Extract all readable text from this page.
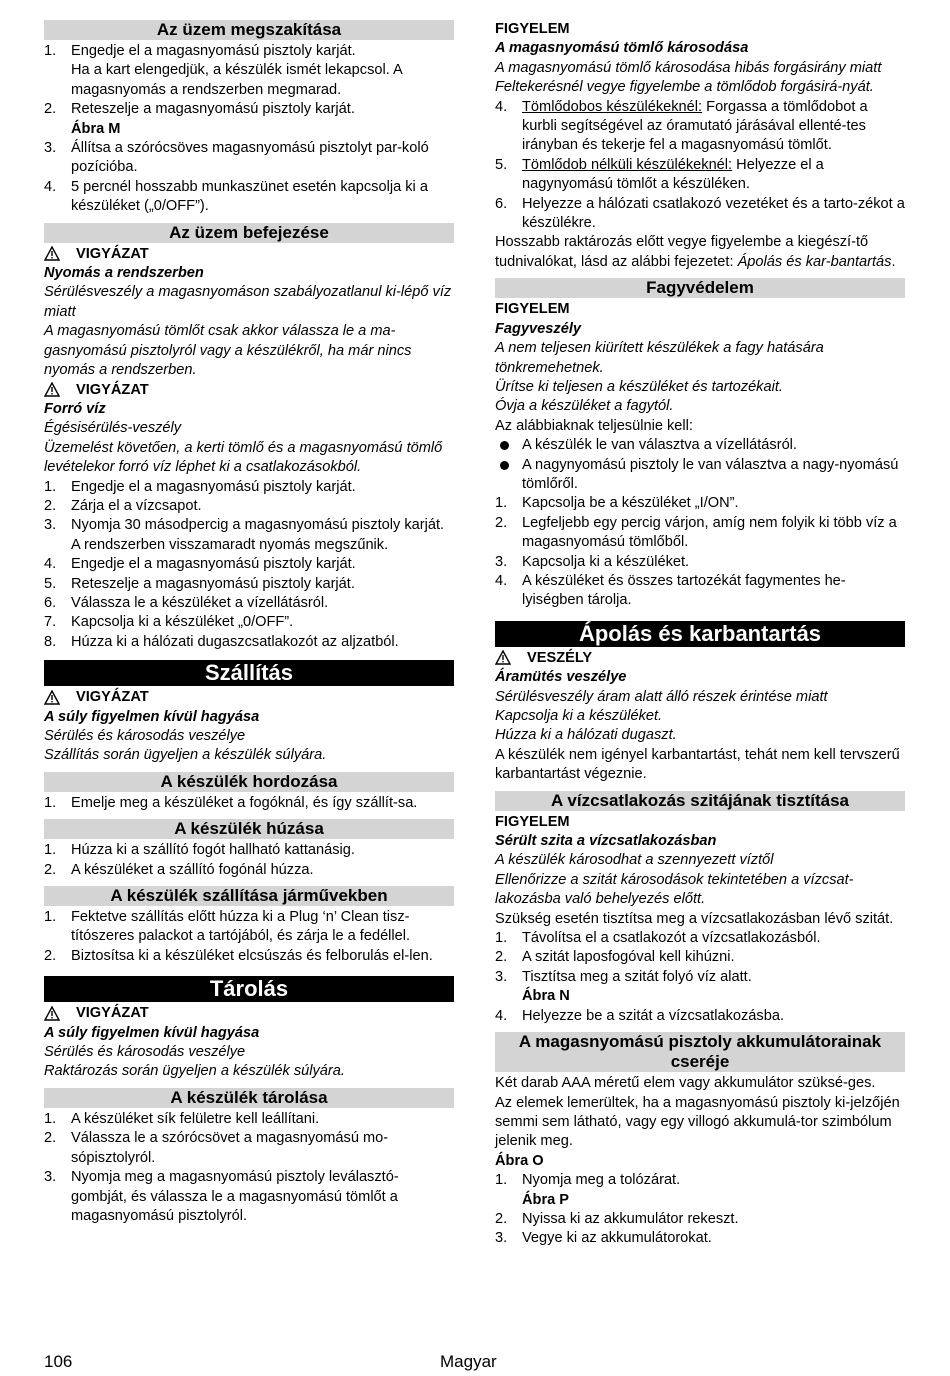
Az üzem megszakítása
1.	Engedje el a magasnyomású pisztoly karját.
Ha a kart elengedjük, a készülék ismét lekapcsol. A magasnyomás a rendszerben megmarad.
2.	Reteszelje a magasnyomású pisztoly karját.
Ábra M
3.	Állítsa a szórócsöves magasnyomású pisztolyt par-koló pozícióba.
4.	5 percnél hosszabb munkaszünet esetén kapcsolja ki a készüléket („0/OFF”).
Az üzem befejezése
VIGYÁZAT
Nyomás a rendszerben
Sérülésveszély a magasnyomáson szabályozatlanul ki-lépő víz miatt
A magasnyomású tömlőt csak akkor válassza le a ma-gasnyomású pisztolyról vagy a készülékről, ha már nincs nyomás a rendszerben.
VIGYÁZAT
Forró víz
Égésisérülés-veszély
Üzemelést követően, a kerti tömlő és a magasnyomású tömlő levételekor forró víz léphet ki a csatlakozásokból.
1.	Engedje el a magasnyomású pisztoly karját.
2.	Zárja el a vízcsapot.
3.	Nyomja 30 másodpercig a magasnyomású pisztoly karját.
A rendszerben visszamaradt nyomás megszűnik.
4.	Engedje el a magasnyomású pisztoly karját.
5.	Reteszelje a magasnyomású pisztoly karját.
6.	Válassza le a készüléket a vízellátásról.
7.	Kapcsolja ki a készüléket „0/OFF”.
8.	Húzza ki a hálózati dugaszcsatlakozót az aljzatból.
Szállítás
VIGYÁZAT
A súly figyelmen kívül hagyása
Sérülés és károsodás veszélye
Szállítás során ügyeljen a készülék súlyára.
A készülék hordozása
1.	Emelje meg a készüléket a fogóknál, és így szállít-sa.
A készülék húzása
1.	Húzza ki a szállító fogót hallható kattanásig.
2.	A készüléket a szállító fogónál húzza.
A készülék szállítása járművekben
1.	Fektetve szállítás előtt húzza ki a Plug ‘n’ Clean tisz-títószeres palackot a tartójából, és zárja le a fedéllel.
2.	Biztosítsa ki a készüléket elcsúszás és felborulás el-len.
Tárolás
VIGYÁZAT
A súly figyelmen kívül hagyása
Sérülés és károsodás veszélye
Raktározás során ügyeljen a készülék súlyára.
A készülék tárolása
1.	A készüléket sík felületre kell leállítani.
2.	Válassza le a szórócsövet a magasnyomású mo-sópisztolyról.
3.	Nyomja meg a magasnyomású pisztoly leválasztó-gombját, és válassza le a magasnyomású tömlőt a magasnyomású pisztolyról.
FIGYELEM
A magasnyomású tömlő károsodása
A magasnyomású tömlő károsodása hibás forgásirány miatt
Feltekerésnél vegye figyelembe a tömlődob forgásirá-nyát.
4.	Tömlődobos készülékeknél: Forgassa a tömlődobot a kurbli segítségével az óramutató járásával ellenté-tes irányban és tekerje fel a magasnyomású tömlőt.
5.	Tömlődob nélküli készülékeknél: Helyezze el a nagynyomású tömlőt a készüléken.
6.	Helyezze a hálózati csatlakozó vezetéket és a tarto-zékot a készülékre.
Hosszabb raktározás előtt vegye figyelembe a kiegészí-tő tudnivalókat, lásd az alábbi fejezetet: Ápolás és kar-bantartás.
Fagyvédelem
FIGYELEM
Fagyveszély
A nem teljesen kiürített készülékek a fagy hatására tönkremehetnek.
Ürítse ki teljesen a készüléket és tartozékait.
Óvja a készüléket a fagytól.
Az alábbiaknak teljesülnie kell:
A készülék le van választva a vízellátásról.
A nagynyomású pisztoly le van választva a nagy-nyomású tömlőről.
1.	Kapcsolja be a készüléket „I/ON”.
2.	Legfeljebb egy percig várjon, amíg nem folyik ki több víz a magasnyomású tömlőből.
3.	Kapcsolja ki a készüléket.
4.	A készüléket és összes tartozékát fagymentes he-lyiségben tárolja.
Ápolás és karbantartás
VESZÉLY
Áramütés veszélye
Sérülésveszély áram alatt álló részek érintése miatt
Kapcsolja ki a készüléket.
Húzza ki a hálózati dugaszt.
A készülék nem igényel karbantartást, tehát nem kell tervszerű karbantartást végeznie.
A vízcsatlakozás szitájának tisztítása
FIGYELEM
Sérült szita a vízcsatlakozásban
A készülék károsodhat a szennyezett víztől
Ellenőrizze a szitát károsodások tekintetében a vízcsat-lakozásba való behelyezés előtt.
Szükség esetén tisztítsa meg a vízcsatlakozásban lévő szitát.
1.	Távolítsa el a csatlakozót a vízcsatlakozásból.
2.	A szitát laposfogóval kell kihúzni.
3.	Tisztítsa meg a szitát folyó víz alatt.
Ábra N
4.	Helyezze be a szitát a vízcsatlakozásba.
A magasnyomású pisztoly akkumulátorainak cseréje
Két darab AAA méretű elem vagy akkumulátor szüksé-ges.
Az elemek lemerültek, ha a magasnyomású pisztoly ki-jelzőjén semmi sem látható, vagy egy villogó akkumulá-tor szimbólum jelenik meg.
Ábra O
1.	Nyomja meg a tolózárat.
Ábra P
2.	Nyissa ki az akkumulátor rekeszt.
3.	Vegye ki az akkumulátorokat.
106	Magyar
